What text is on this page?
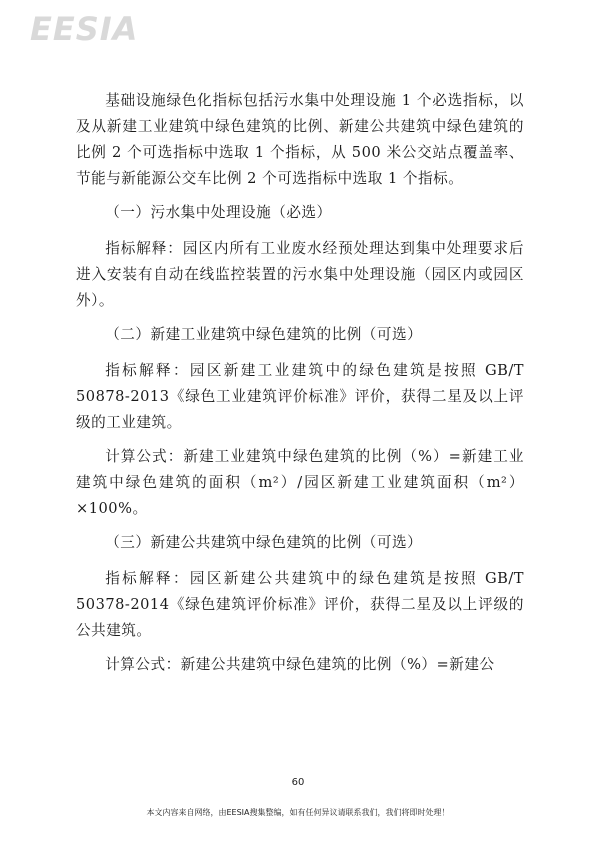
EESIA

基础设施绿色化指标包括污水集中处理设施 1 个必选指标，以及从新建工业建筑中绿色建筑的比例、新建公共建筑中绿色建筑的比例 2 个可选指标中选取 1 个指标，从 500 米公交站点覆盖率、节能与新能源公交车比例 2 个可选指标中选取 1 个指标。

（一）污水集中处理设施（必选）

指标解释：园区内所有工业废水经预处理达到集中处理要求后进入安装有自动在线监控装置的污水集中处理设施（园区内或园区外）。

（二）新建工业建筑中绿色建筑的比例（可选）

指标解释：园区新建工业建筑中的绿色建筑是按照 GB/T 50878-2013《绿色工业建筑评价标准》评价，获得二星及以上评级的工业建筑。

计算公式：新建工业建筑中绿色建筑的比例（%）=新建工业建筑中绿色建筑的面积（m²）/园区新建工业建筑面积（m²）×100%。

（三）新建公共建筑中绿色建筑的比例（可选）

指标解释：园区新建公共建筑中的绿色建筑是按照 GB/T 50378-2014《绿色建筑评价标准》评价，获得二星及以上评级的公共建筑。

计算公式：新建公共建筑中绿色建筑的比例（%）=新建公

60
本文内容来自网络，由EESIA搜集整编，如有任何异议请联系我们，我们将即时处理！
